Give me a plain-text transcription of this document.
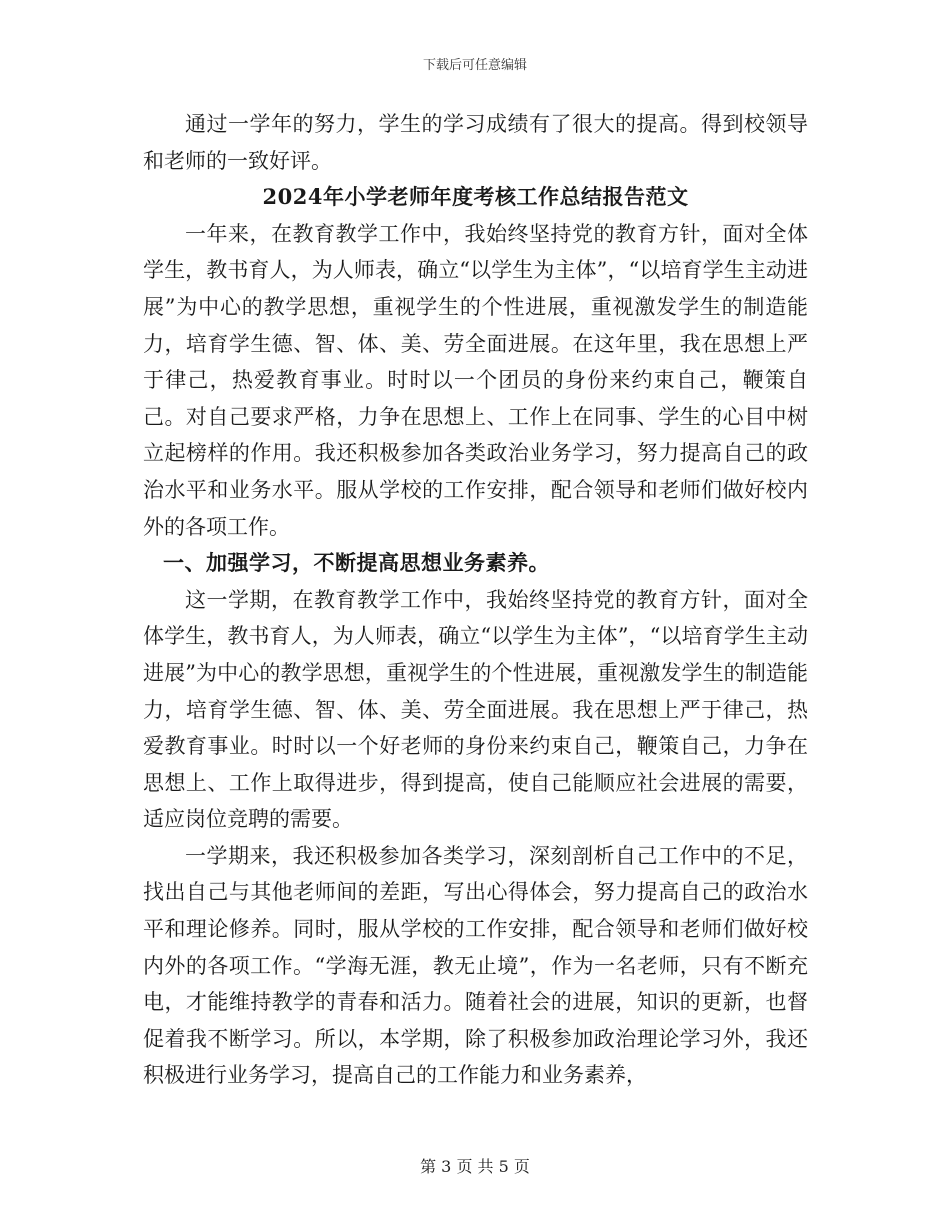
下载后可任意编辑

通过一学年的努力，学生的学习成绩有了很大的提高。得到校领导和老师的一致好评。

2024年小学老师年度考核工作总结报告范文

一年来，在教育教学工作中，我始终坚持党的教育方针，面对全体学生，教书育人，为人师表，确立“以学生为主体”，“以培育学生主动进展”为中心的教学思想，重视学生的个性进展，重视激发学生的制造能力，培育学生德、智、体、美、劳全面进展。在这年里，我在思想上严于律己，热爱教育事业。时时以一个团员的身份来约束自己，鞭策自己。对自己要求严格，力争在思想上、工作上在同事、学生的心目中树立起榜样的作用。我还积极参加各类政治业务学习，努力提高自己的政治水平和业务水平。服从学校的工作安排，配合领导和老师们做好校内外的各项工作。

一、加强学习，不断提高思想业务素养。

这一学期，在教育教学工作中，我始终坚持党的教育方针，面对全体学生，教书育人，为人师表，确立“以学生为主体”，“以培育学生主动进展”为中心的教学思想，重视学生的个性进展，重视激发学生的制造能力，培育学生德、智、体、美、劳全面进展。我在思想上严于律己，热爱教育事业。时时以一个好老师的身份来约束自己，鞭策自己，力争在思想上、工作上取得进步，得到提高，使自己能顺应社会进展的需要，适应岗位竞聘的需要。

一学期来，我还积极参加各类学习，深刻剖析自己工作中的不足，找出自己与其他老师间的差距，写出心得体会，努力提高自己的政治水平和理论修养。同时，服从学校的工作安排，配合领导和老师们做好校内外的各项工作。“学海无涯，教无止境”，作为一名老师，只有不断充电，才能维持教学的青春和活力。随着社会的进展，知识的更新，也督促着我不断学习。所以，本学期，除了积极参加政治理论学习外，我还积极进行业务学习，提高自己的工作能力和业务素养，

第 3 页 共 5 页
